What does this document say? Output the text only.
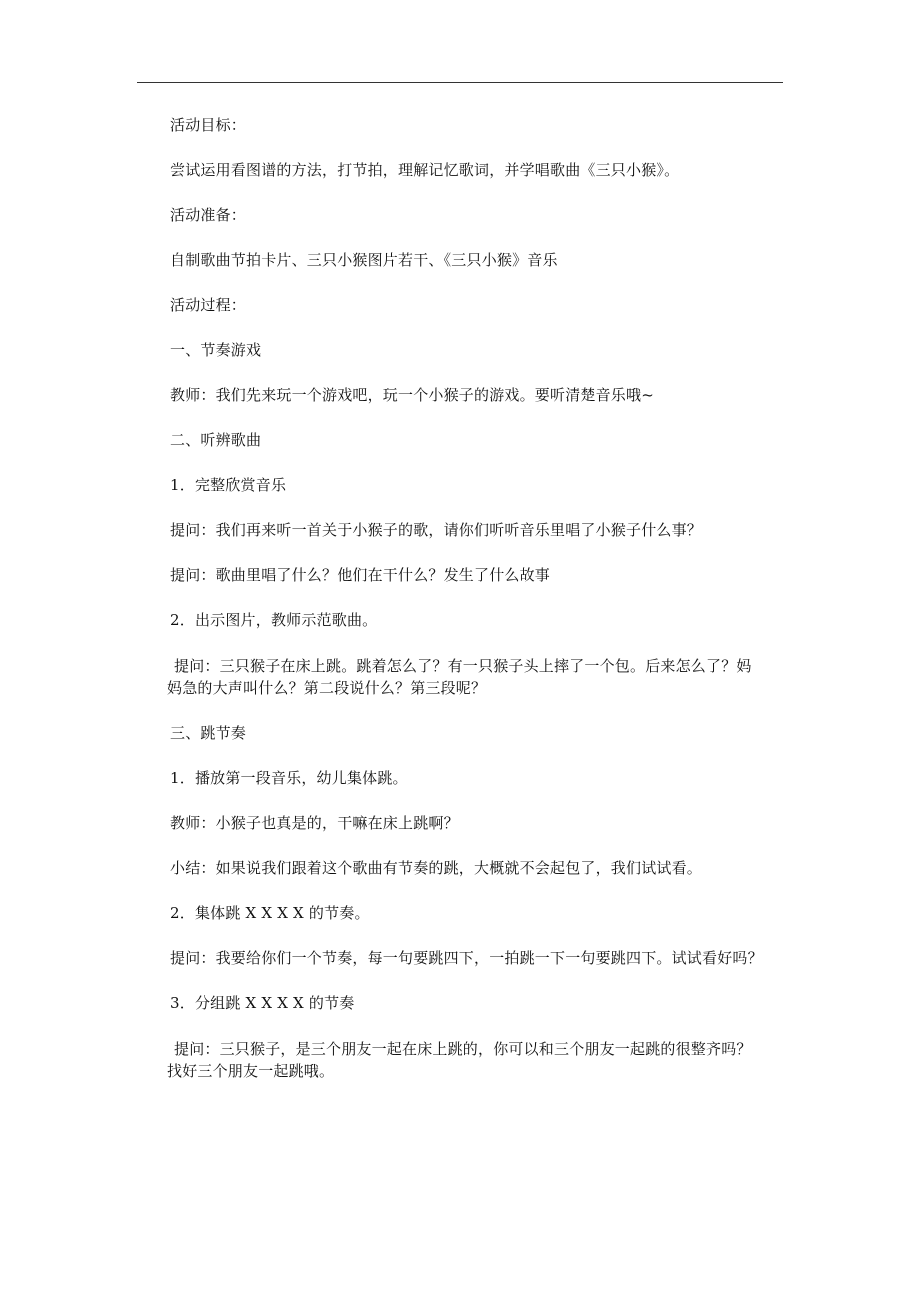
活动目标：
尝试运用看图谱的方法，打节拍，理解记忆歌词，并学唱歌曲《三只小猴》。
活动准备：
自制歌曲节拍卡片、三只小猴图片若干、《三只小猴》音乐
活动过程：
一、节奏游戏
教师：我们先来玩一个游戏吧，玩一个小猴子的游戏。要听清楚音乐哦~
二、听辨歌曲
1．完整欣赏音乐
提问：我们再来听一首关于小猴子的歌，请你们听听音乐里唱了小猴子什么事？
提问：歌曲里唱了什么？他们在干什么？发生了什么故事
2．出示图片，教师示范歌曲。
提问：三只猴子在床上跳。跳着怎么了？有一只猴子头上摔了一个包。后来怎么了？妈
妈急的大声叫什么？第二段说什么？第三段呢？
三、跳节奏
1．播放第一段音乐，幼儿集体跳。
教师：小猴子也真是的，干嘛在床上跳啊？
小结：如果说我们跟着这个歌曲有节奏的跳，大概就不会起包了，我们试试看。
2．集体跳 X X X X 的节奏。
提问：我要给你们一个节奏，每一句要跳四下，一拍跳一下一句要跳四下。试试看好吗？
3．分组跳 X X X X 的节奏
提问：三只猴子，是三个朋友一起在床上跳的，你可以和三个朋友一起跳的很整齐吗？
找好三个朋友一起跳哦。
